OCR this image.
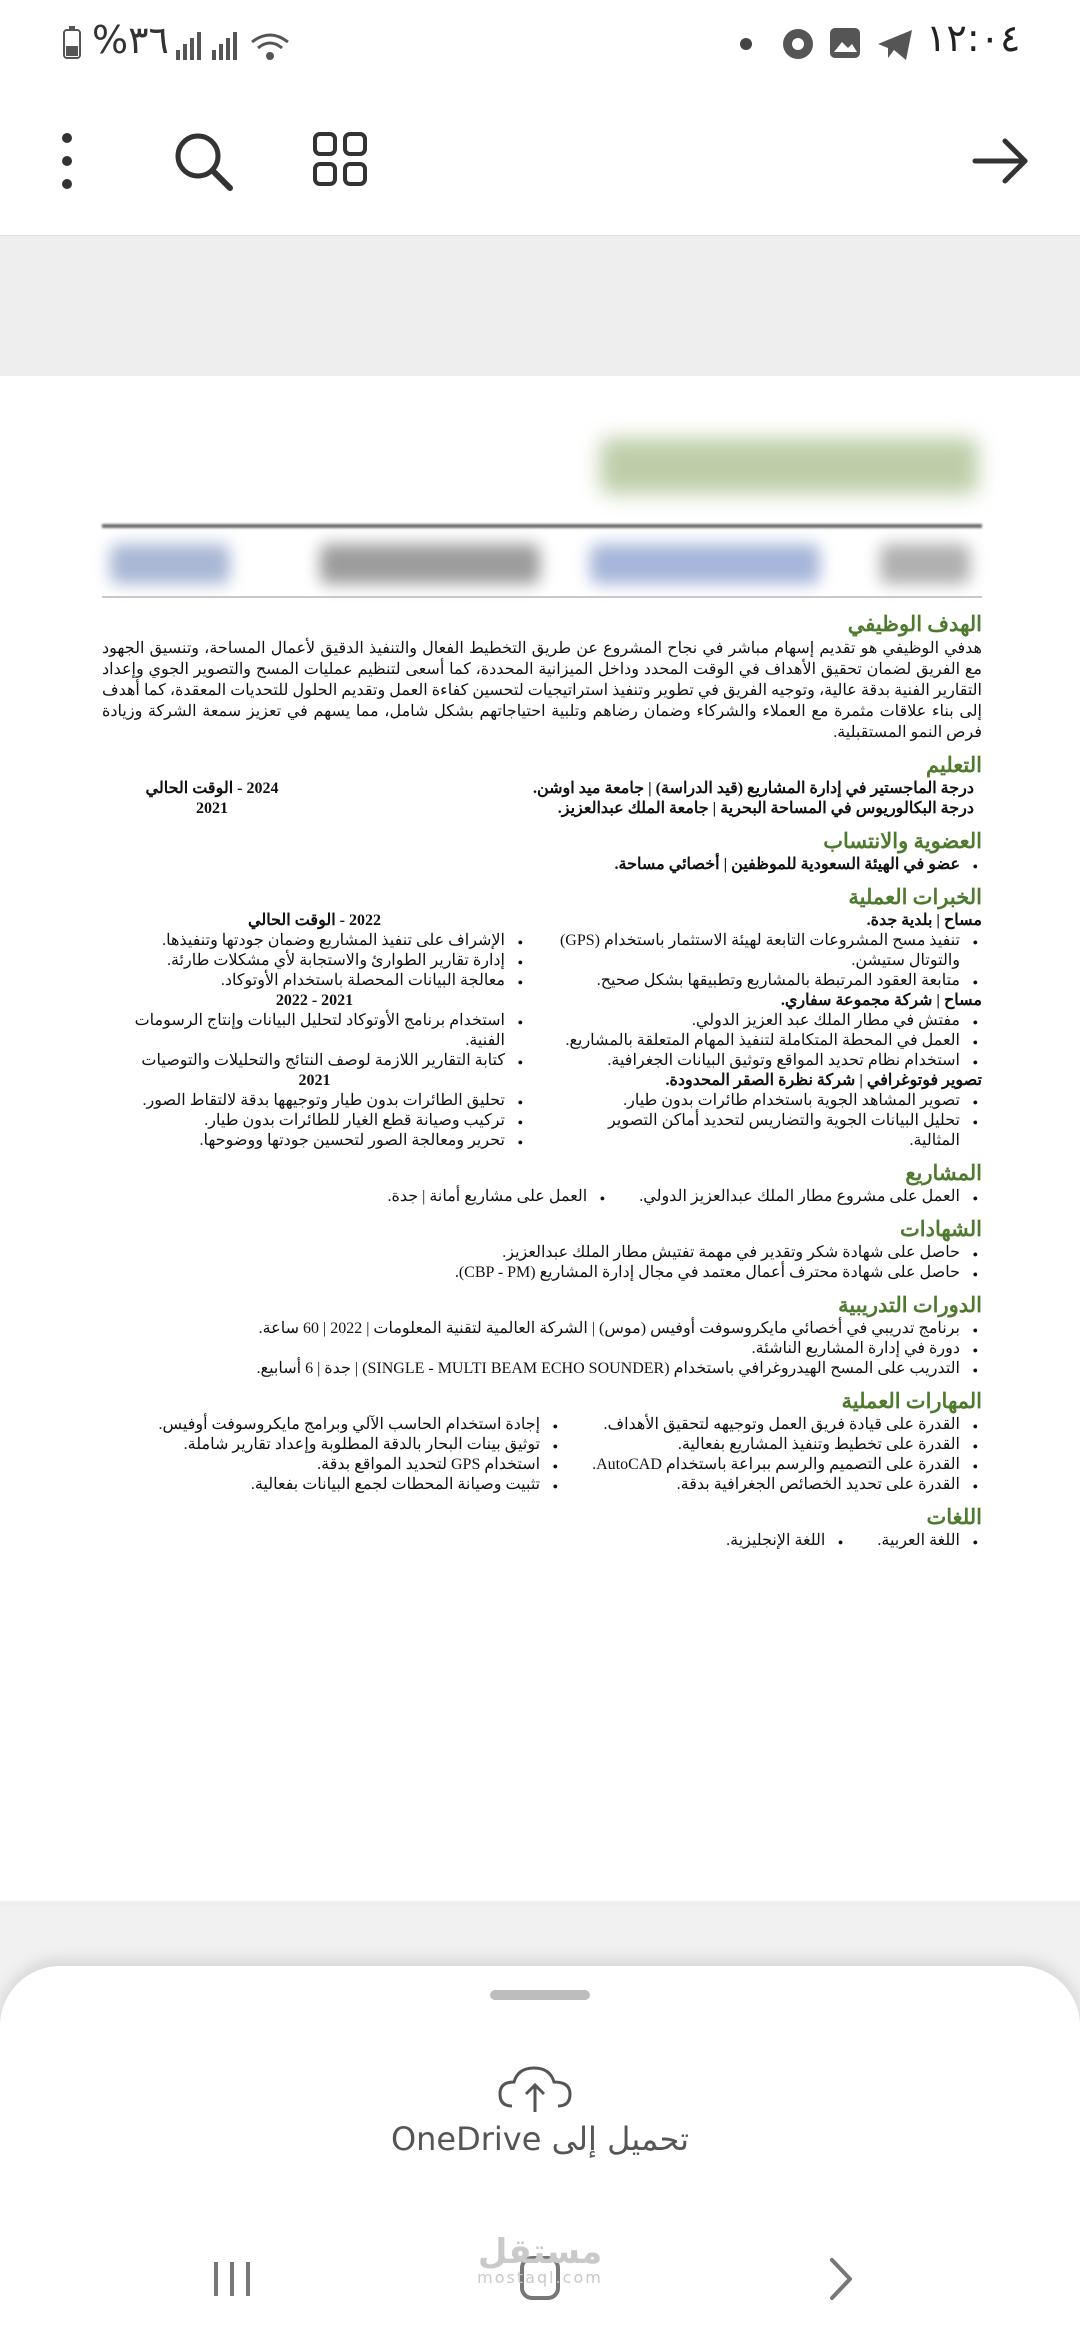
%٣٦	١٢:٠٤
الهدف الوظيفي

هدفي الوظيفي هو تقديم إسهام مباشر في نجاح المشروع عن طريق التخطيط الفعال والتنفيذ الدقيق لأعمال المساحة، وتنسيق الجهود مع الفريق لضمان تحقيق الأهداف في الوقت المحدد وداخل الميزانية المحددة، كما أسعى لتنظيم عمليات المسح والتصوير الجوي وإعداد التقارير الفنية بدقة عالية، وتوجيه الفريق في تطوير وتنفيذ استراتيجيات لتحسين كفاءة العمل وتقديم الحلول للتحديات المعقدة، كما أهدف إلى بناء علاقات مثمرة مع العملاء والشركاء وضمان رضاهم وتلبية احتياجاتهم بشكل شامل، مما يسهم في تعزيز سمعة الشركة وزيادة فرص النمو المستقبلية.

التعليم
درجة الماجستير في إدارة المشاريع (قيد الدراسة) | جامعة ميد اوشن.
2024 - الوقت الحالي
درجة البكالوريوس في المساحة البحرية | جامعة الملك عبدالعزيز.
2021
العضوية والانتساب
● عضو في الهيئة السعودية للموظفين | أخصائي مساحة.
الخبرات العملية
مساح | بلدية جدة.
● تنفيذ مسح المشروعات التابعة لهيئة الاستثمار باستخدام (GPS) والتوتال ستيشن.
● متابعة العقود المرتبطة بالمشاريع وتطبيقها بشكل صحيح.
2022 - الوقت الحالي
● الإشراف على تنفيذ المشاريع وضمان جودتها وتنفيذها.
● إدارة تقارير الطوارئ والاستجابة لأي مشكلات طارئة.
● معالجة البيانات المحصلة باستخدام الأوتوكاد.
مساح | شركة مجموعة سفاري.
● مفتش في مطار الملك عبد العزيز الدولي.
● العمل في المحطة المتكاملة لتنفيذ المهام المتعلقة بالمشاريع.
● استخدام نظام تحديد المواقع وتوثيق البيانات الجغرافية.
2021 - 2022
● استخدام برنامج الأوتوكاد لتحليل البيانات وإنتاج الرسومات الفنية.
● كتابة التقارير اللازمة لوصف النتائج والتحليلات والتوصيات
تصوير فوتوغرافي | شركة نظرة الصقر المحدودة.
● تصوير المشاهد الجوية باستخدام طائرات بدون طيار.
● تحليل البيانات الجوية والتضاريس لتحديد أماكن التصوير المثالية.
2021
● تحليق الطائرات بدون طيار وتوجيهها بدقة لالتقاط الصور.
● تركيب وصيانة قطع الغيار للطائرات بدون طيار.
● تحرير ومعالجة الصور لتحسين جودتها ووضوحها.
المشاريع
● العمل على مشروع مطار الملك عبدالعزيز الدولي.
● العمل على مشاريع أمانة | جدة.
الشهادات
● حاصل على شهادة شكر وتقدير في مهمة تفتيش مطار الملك عبدالعزيز.
● حاصل على شهادة محترف أعمال معتمد في مجال إدارة المشاريع (CBP - PM).
الدورات التدريبية
● برنامج تدريبي في أخصائي مايكروسوفت أوفيس (موس) | الشركة العالمية لتقنية المعلومات | 2022 | 60 ساعة.
● دورة في إدارة المشاريع الناشئة.
● التدريب على المسح الهيدروغرافي باستخدام (SINGLE - MULTI BEAM ECHO SOUNDER) | جدة | 6 أسابيع.
المهارات العملية
● القدرة على قيادة فريق العمل وتوجيهه لتحقيق الأهداف.
● القدرة على تخطيط وتنفيذ المشاريع بفعالية.
● القدرة على التصميم والرسم ببراعة باستخدام AutoCAD.
● القدرة على تحديد الخصائص الجغرافية بدقة.
● إجادة استخدام الحاسب الآلي وبرامج مايكروسوفت أوفيس.
● توثيق بينات البحار بالدقة المطلوبة وإعداد تقارير شاملة.
● استخدام GPS لتحديد المواقع بدقة.
● تثبيت وصيانة المحطات لجمع البيانات بفعالية.
اللغات
● اللغة العربية.
● اللغة الإنجليزية.
تحميل إلى OneDrive
مستقل
mostaql.com
